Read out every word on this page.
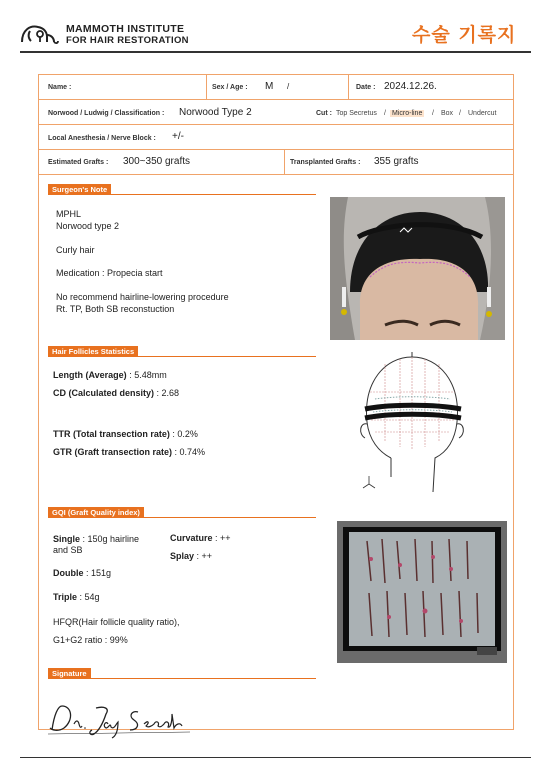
MAMMOTH INSTITUTE
FOR HAIR RESTORATION	수술 기록지
Name :	Sex / Age : M /	Date : 2024.12.26.
Norwood / Ludwig / Classification : Norwood Type 2	Cut : Top Secretus / Micro-line / Box / Undercut
Local Anesthesia / Nerve Block : +/-
Estimated Grafts : 300~350 grafts	Transplanted Grafts : 355 grafts
Surgeon's Note
MPHL
Norwood type 2
Curly hair
Medication : Propecia start
No recommend hairline-lowering procedure
Rt. TP, Both SB reconstuction
Hair Follicles Statistics
Length (Average) : 5.48mm
CD (Calculated density) : 2.68
TTR (Total transection rate) : 0.2%
GTR (Graft transection rate) : 0.74%
GQI (Graft Quality index)
Single : 150g hairline
and SB
Curvature : ++
Splay : ++
Double : 151g
Triple : 54g
HFQR(Hair follicle quality ratio),
G1+G2 ratio : 99%
Signature
